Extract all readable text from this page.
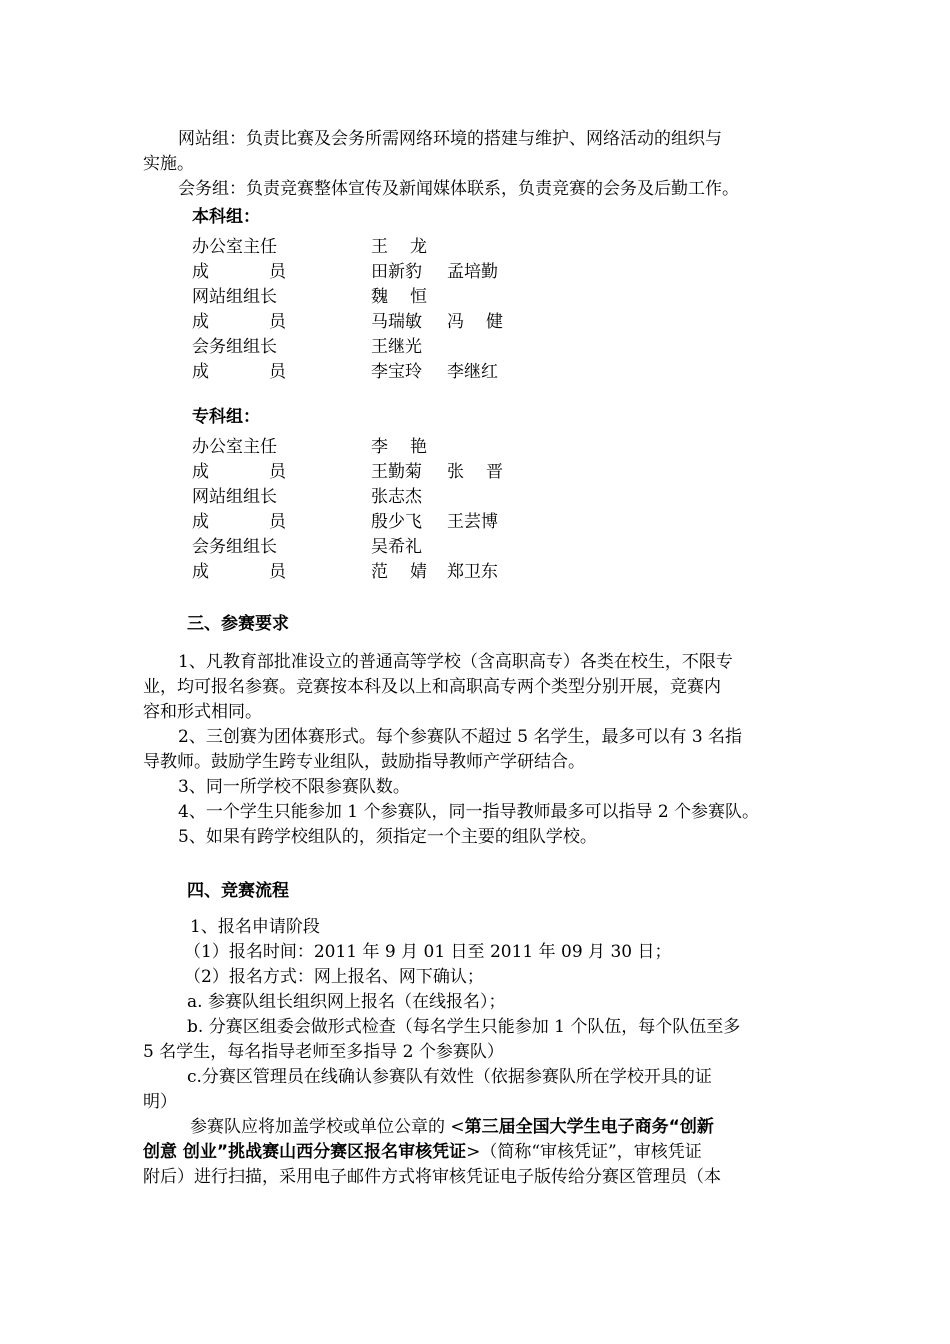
网站组：负责比赛及会务所需网络环境的搭建与维护、网络活动的组织与
实施。
会务组：负责竞赛整体宣传及新闻媒体联系，负责竞赛的会务及后勤工作。
本科组：
办公室主任	王 龙
成	员	田新豹	孟培勤
网站组组长	魏 恒
成	员	马瑞敏	冯 健
会务组组长	王继光
成	员	李宝玲	李继红
专科组：
办公室主任	李 艳
成	员	王勤菊	张 晋
网站组组长	张志杰
成	员	殷少飞	王芸博
会务组组长	吴希礼
成	员	范 婧 郑卫东
三、参赛要求
1、凡教育部批准设立的普通高等学校（含高职高专）各类在校生，不限专
业，均可报名参赛。竞赛按本科及以上和高职高专两个类型分别开展，竞赛内
容和形式相同。
2、三创赛为团体赛形式。每个参赛队不超过 5 名学生，最多可以有 3 名指
导教师。鼓励学生跨专业组队，鼓励指导教师产学研结合。
3、同一所学校不限参赛队数。
4、一个学生只能参加 1 个参赛队，同一指导教师最多可以指导 2 个参赛队。
5、如果有跨学校组队的，须指定一个主要的组队学校。
四、竞赛流程
1、报名申请阶段
（1）报名时间：2011 年 9 月 01 日至 2011 年 09 月 30 日；
（2）报名方式：网上报名、网下确认；
a. 参赛队组长组织网上报名（在线报名）；
b. 分赛区组委会做形式检查（每名学生只能参加 1 个队伍，每个队伍至多
5 名学生，每名指导老师至多指导 2 个参赛队）
c.分赛区管理员在线确认参赛队有效性（依据参赛队所在学校开具的证
明）
参赛队应将加盖学校或单位公章的 <第三届全国大学生电子商务“创新
创意 创业”挑战赛山西分赛区报名审核凭证>（简称“审核凭证”，审核凭证
附后）进行扫描，采用电子邮件方式将审核凭证电子版传给分赛区管理员（本
